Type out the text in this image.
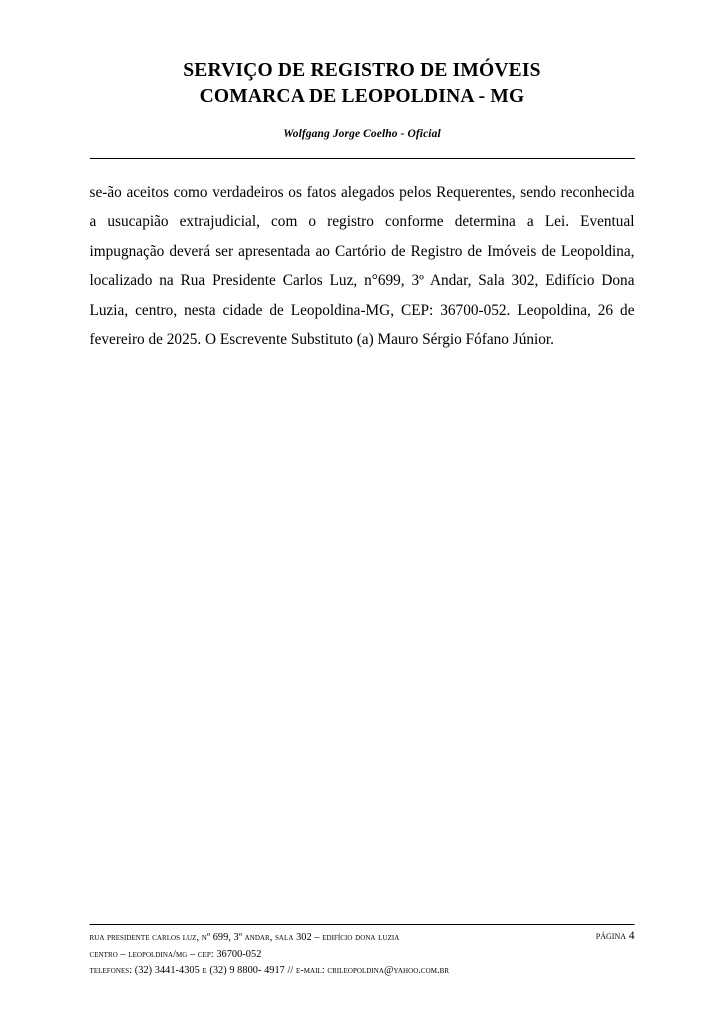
SERVIÇO DE REGISTRO DE IMÓVEIS
COMARCA DE LEOPOLDINA - MG
Wolfgang Jorge Coelho - Oficial
se-ão aceitos como verdadeiros os fatos alegados pelos Requerentes, sendo reconhecida a usucapião extrajudicial, com o registro conforme determina a Lei. Eventual impugnação deverá ser apresentada ao Cartório de Registro de Imóveis de Leopoldina, localizado na Rua Presidente Carlos Luz, n°699, 3º Andar, Sala 302, Edifício Dona Luzia, centro, nesta cidade de Leopoldina-MG, CEP: 36700-052. Leopoldina, 26 de fevereiro de 2025. O Escrevente Substituto (a) Mauro Sérgio Fófano Júnior.
rua presidente carlos luz, nº 699, 3º andar, sala 302 – edifício dona luzia
centro – leopoldina/mg – cep: 36700-052
telefones: (32) 3441-4305 e (32) 9 8800- 4917 // e-mail: crileopoldina@yahoo.com.br
página 4
